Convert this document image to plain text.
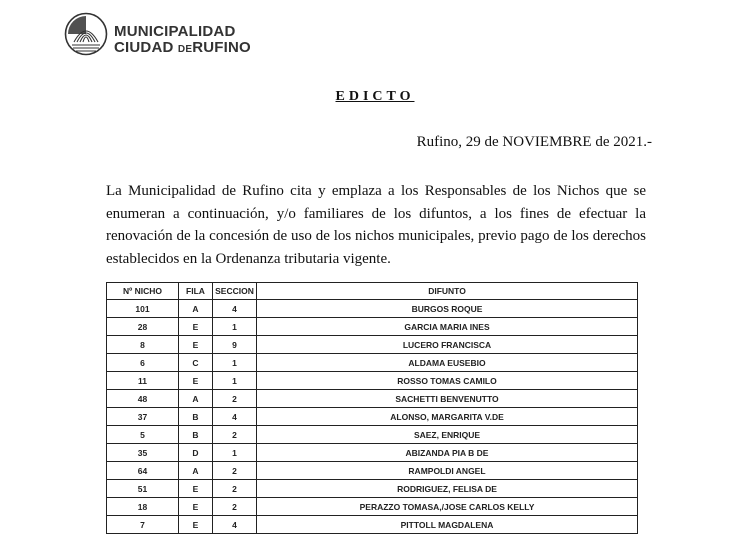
MUNICIPALIDAD
CIUDAD DERUFINO
EDICTO
Rufino, 29 de NOVIEMBRE de 2021.-
La Municipalidad de Rufino cita y emplaza a los Responsables de los Nichos que se enumeran a continuación, y/o familiares de los difuntos, a los fines de efectuar la renovación de la concesión de uso de los nichos municipales, previo pago de los derechos establecidos en la Ordenanza tributaria vigente.
Nº NICHO	FILA	SECCION	DIFUNTO
101	A	4	BURGOS ROQUE
28	E	1	GARCIA MARIA INES
8	E	9	LUCERO FRANCISCA
6	C	1	ALDAMA EUSEBIO
11	E	1	ROSSO TOMAS CAMILO
48	A	2	SACHETTI BENVENUTTO
37	B	4	ALONSO, MARGARITA V.DE
5	B	2	SAEZ, ENRIQUE
35	D	1	ABIZANDA PIA B DE
64	A	2	RAMPOLDI ANGEL
51	E	2	RODRIGUEZ, FELISA DE
18	E	2	PERAZZO TOMASA,/JOSE CARLOS KELLY
7	E	4	PITTOLL MAGDALENA
